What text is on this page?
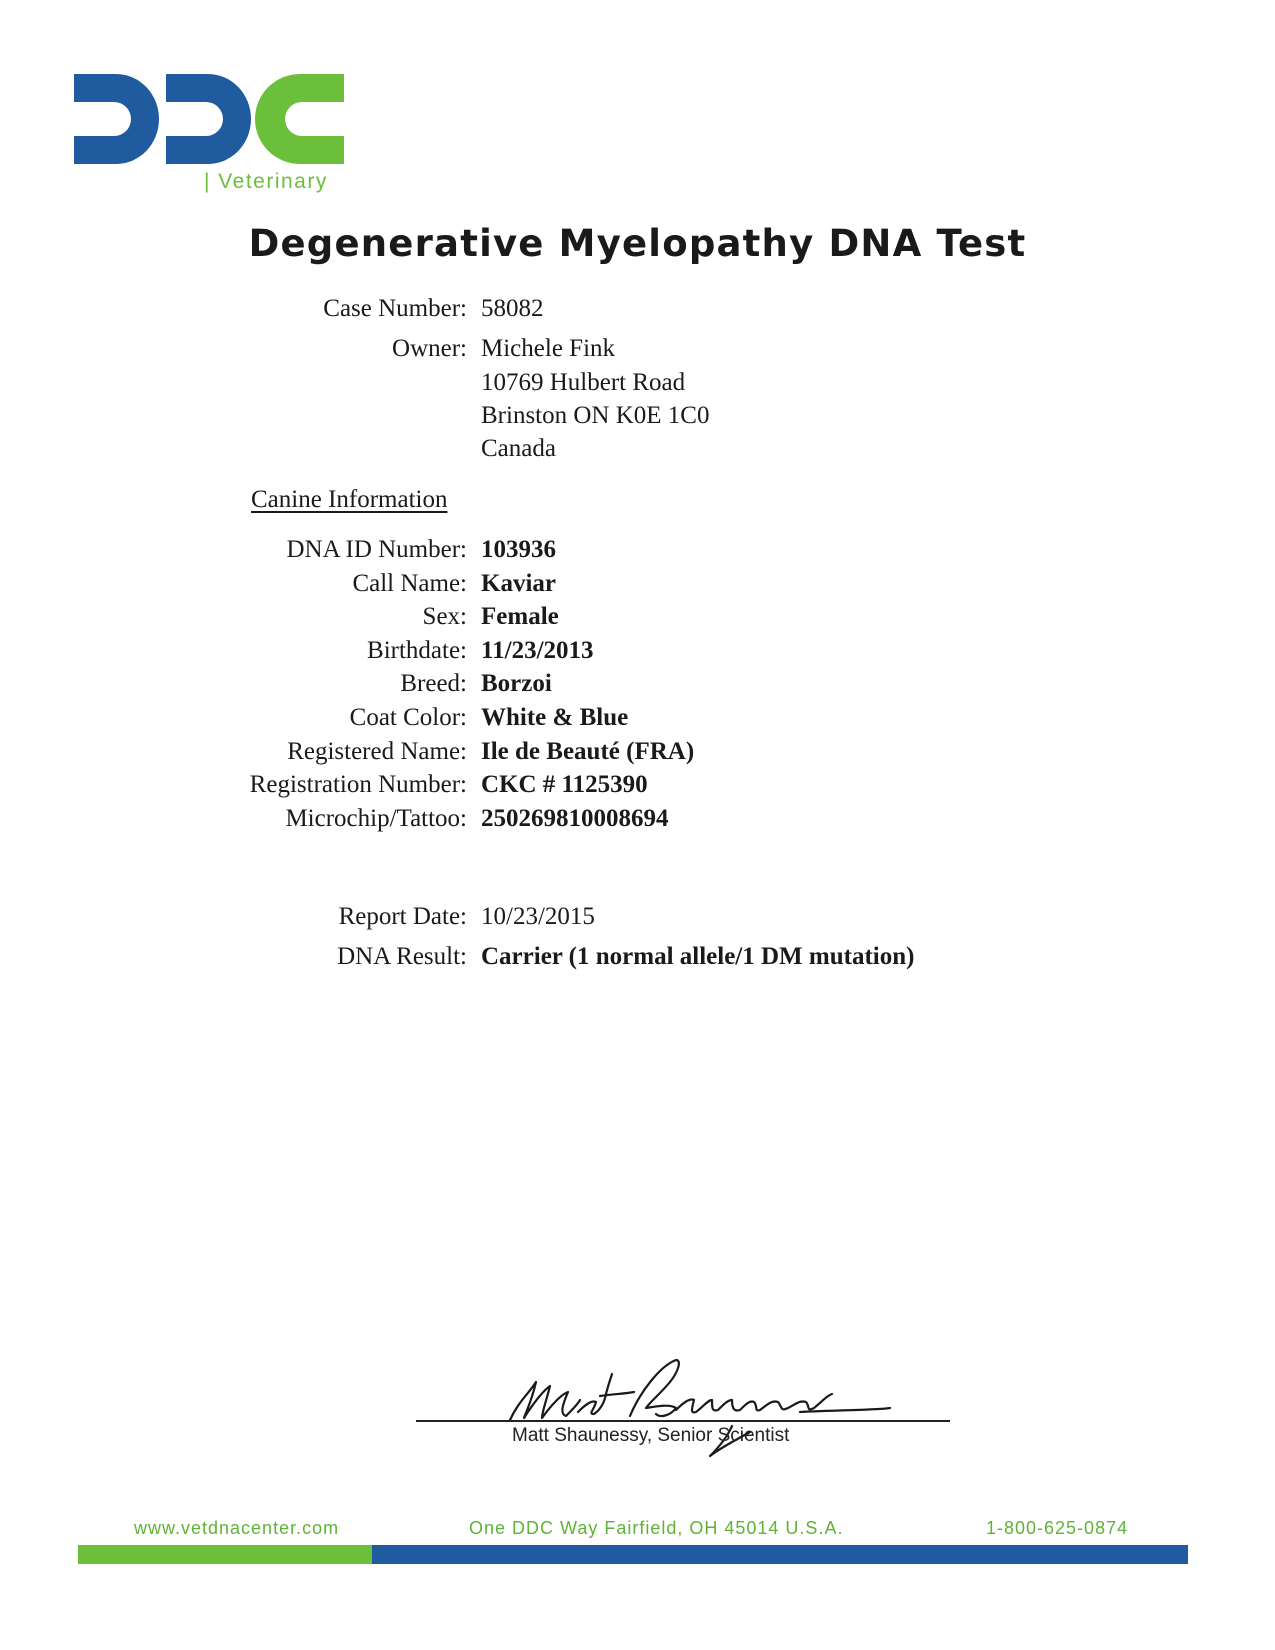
| Veterinary
Degenerative Myelopathy DNA Test
Case Number: 58082
Owner: Michele Fink
10769 Hulbert Road
Brinston ON K0E 1C0
Canada
Canine Information
DNA ID Number: 103936
Call Name: Kaviar
Sex: Female
Birthdate: 11/23/2013
Breed: Borzoi
Coat Color: White & Blue
Registered Name: Ile de Beauté (FRA)
Registration Number: CKC # 1125390
Microchip/Tattoo: 250269810008694
Report Date: 10/23/2015
DNA Result: Carrier (1 normal allele/1 DM mutation)
Matt Shaunessy, Senior Scientist
www.vetdnacenter.com	One DDC Way Fairfield, OH 45014 U.S.A.	1-800-625-0874
